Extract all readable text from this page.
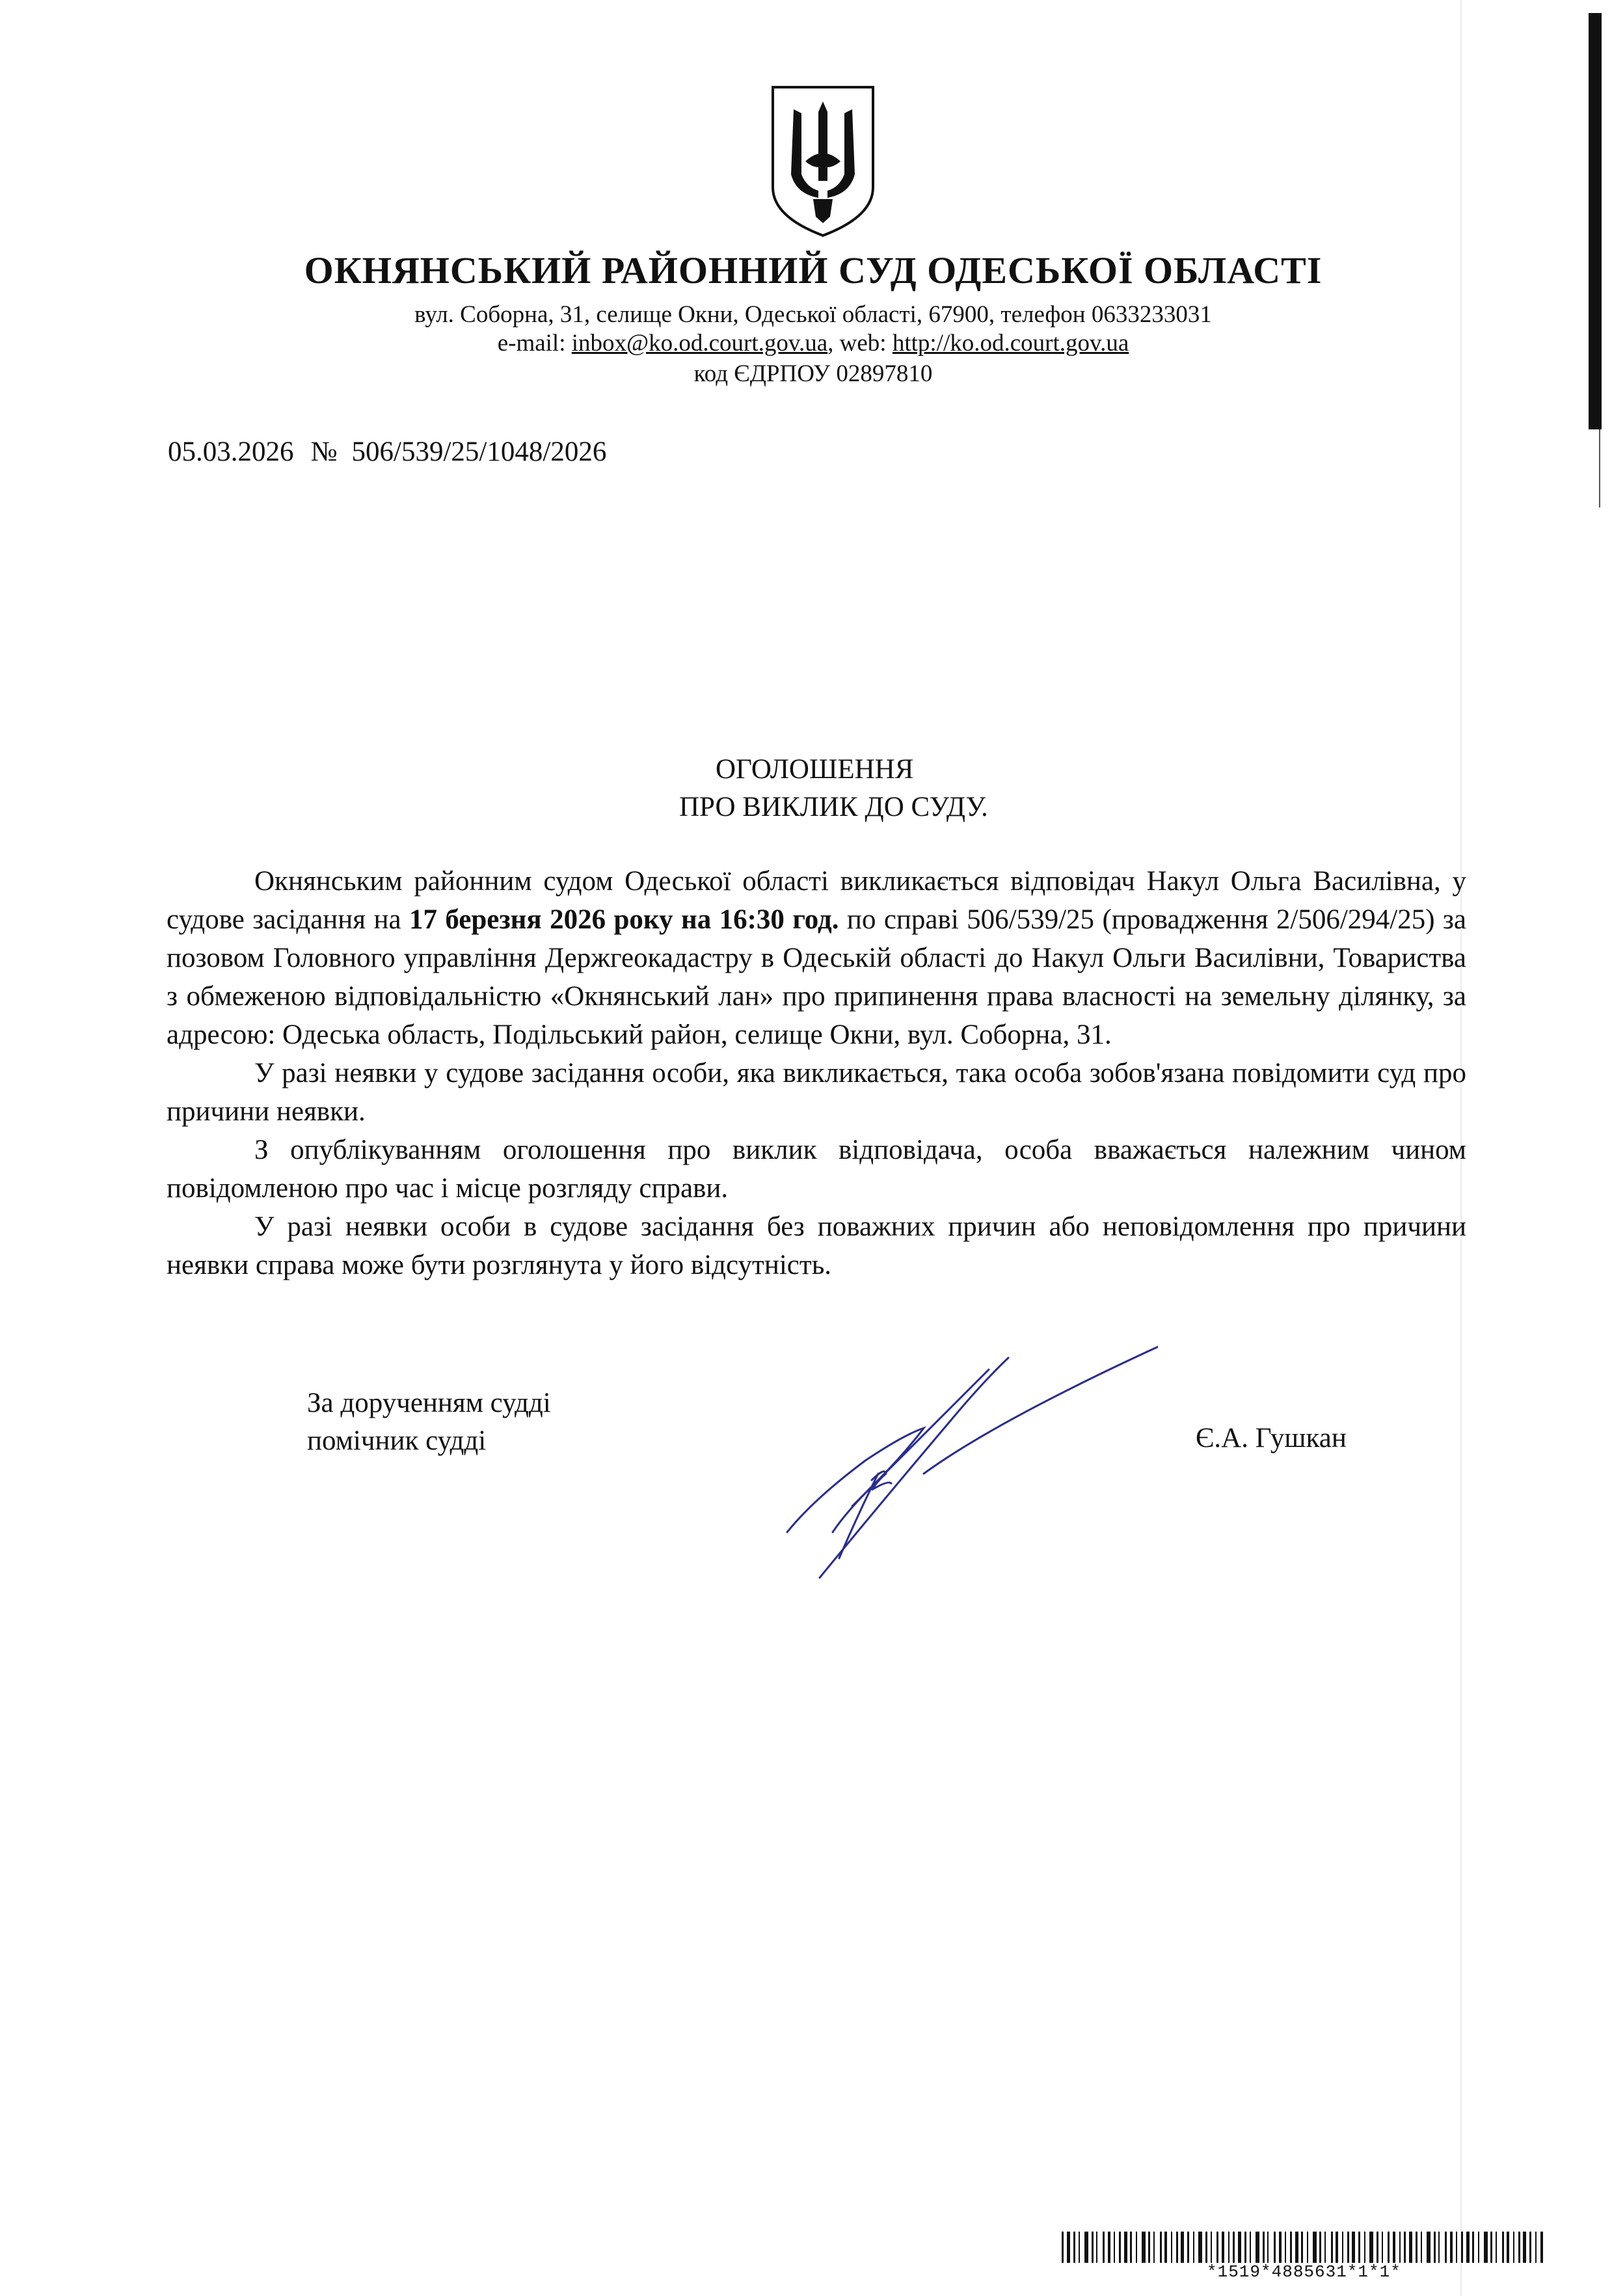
ОКНЯНСЬКИЙ РАЙОННИЙ СУД ОДЕСЬКОЇ ОБЛАСТІ
вул. Соборна, 31, селище Окни, Одеської області, 67900, телефон 0633233031
e-mail: inbox@ko.od.court.gov.ua, web: http://ko.od.court.gov.ua
код ЄДРПОУ 02897810
05.03.2026 № 506/539/25/1048/2026
ОГОЛОШЕННЯ
ПРО ВИКЛИК ДО СУДУ.

Окнянським районним судом Одеської області викликається відповідач Накул Ольга Василівна, у судове засідання на 17 березня 2026 року на 16:30 год. по справі 506/539/25 (провадження 2/506/294/25) за позовом Головного управління Держгеокадастру в Одеській області до Накул Ольги Василівни, Товариства з обмеженою відповідальністю «Окнянський лан» про припинення права власності на земельну ділянку, за адресою: Одеська область, Подільський район, селище Окни, вул. Соборна, 31.

У разі неявки у судове засідання особи, яка викликається, така особа зобов'язана повідомити суд про причини неявки.

З опублікуванням оголошення про виклик відповідача, особа вважається належним чином повідомленою про час і місце розгляду справи.

У разі неявки особи в судове засідання без поважних причин або неповідомлення про причини неявки справа може бути розглянута у його відсутність.

За дорученням судді
помічник судді	Є.А. Гушкан
*1519*4885631*1*1*
